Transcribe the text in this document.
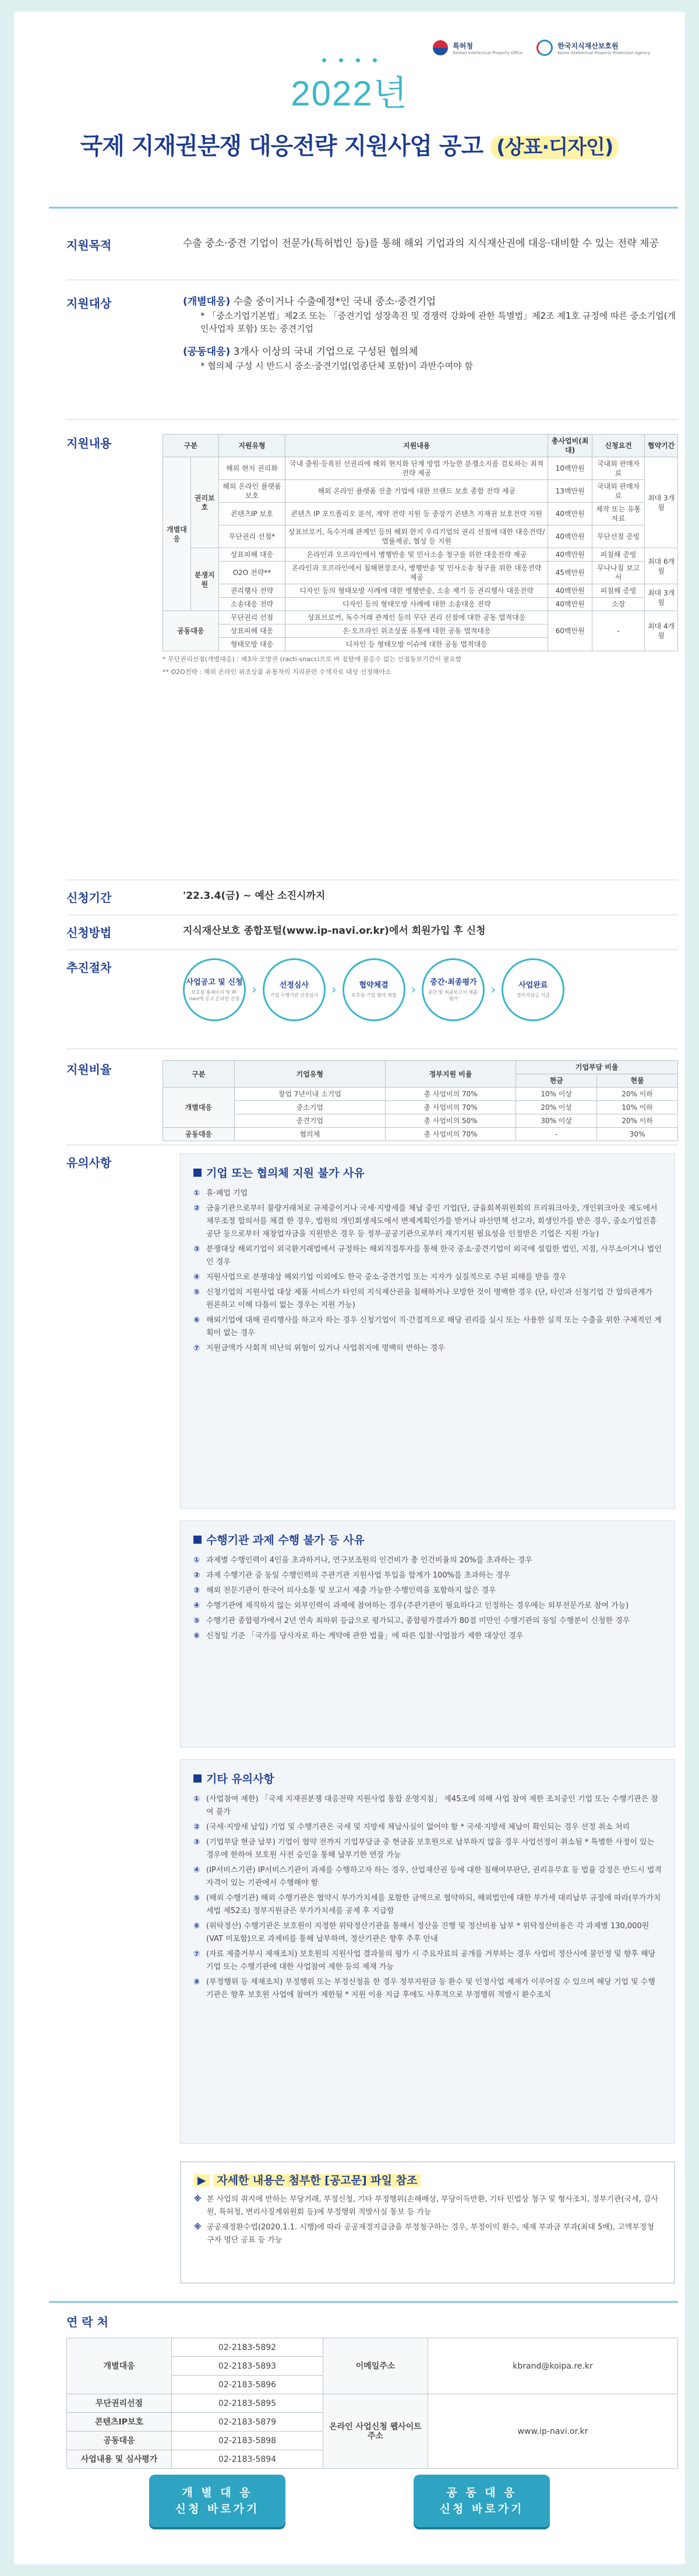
특허청
Korean Intellectual Property Office
한국지식재산보호원
Korea Intellectual Property Protection Agency
2022년
국제 지재권분쟁 대응전략 지원사업 공고 (상표·디자인)
지원목적	수출 중소·중견 기업이 전문가(특허법인 등)를 통해 해외 기업과의 지식재산권에 대응·대비할 수 있는 전략 제공
지원대상	(개별대응) 수출 중이거나 수출예정*인 국내 중소·중견기업

* 「중소기업기본법」제2조 또는 「중견기업 성장촉진 및 경쟁력 강화에 관한 특별법」제2조 제1호 규정에 따른 중소기업(개인사업자 포함) 또는 중견기업

(공동대응) 3개사 이상의 국내 기업으로 구성된 협의체

* 협의체 구성 시 반드시 중소·중견기업(업종단체 포함)이 과반수여야 함

지원내용	구분		지원유형	지원내용	총사업비(최대)	신청요건	협약기간
개별대응	권리보호	해외 현지 권리화	국내 출원·등록된 선권리에 해외 현지화 단계 방법 가능한 분쟁소지를 검토하는 최적전략 제공	10백만원	국내외 판매자료	최대 3개월
		해외 온라인 플랫폼 보호	해외 온라인 플랫폼 진출 기업에 대한 브랜드 보호 종합 전략 제공	13백만원	국내외 판매자료	
		콘텐츠IP 보호	콘텐츠 IP 포트폴리오 분석, 계약 전략 지원 등 중장기 콘텐츠 지재권 보호전략 지원	40백만원	제작 또는 유통자료	
		무단권리 선점*	상표브로커, 독수거래 관계인 등의 해외 한지 우리기업의 권리 선점에 대한 대응전략/법률제공, 협상 등 지원	40백만원	무단선점 증빙	
	분쟁지원	상표피해 대응	온라인과 오프라인에서 병행반송 및 민사소송 청구를 위한 대응전략 제공	40백만원	피침해 증빙	최대 6개월
		O2O 전략**	온라인과 오프라인에서 침해현장조사, 병행반송 및 민사소송 청구를 위한 대응전략 제공	45백만원	무나나침 보고서	
		권리행사 전략	디자인 등의 형태모방 사례에 대한 병행반송, 소송 제기 등 권리행사 대응전략	40백만원	피침해 증빙	최대 3개월
		소송대응 전략	디자인 등의 형태모방 사례에 대한 소송대응 전략	40백만원	소장	
공동대응		무단권리 선점	상표브로커, 독수거래 관계인 등의 무단 권리 선점에 대한 공동 법적대응	60백만원	-	최대 4개월
		상표피해 대응	온·오프라인 위조상품 유통에 대한 공동 법적대응			
		형태모방 대응	디자인 등 형태모방 이슈에 대한 공동 법적대응			
* 무단권리선점(개별대응) : 제3자 모방권 (racti-snacci으로 바 침탈에 불응수 없는 선점동보기간이 필요함
** O2O전략 : 해외 온라인 위조상품 유통자의 지리관련 수색자료 대상 선정해야소
신청기간	'22.3.4(금) ~ 예산 소진시까지
신청방법	지식재산보호 종합포털(www.ip-navi.or.kr)에서 회원가입 후 신청
추진절차
사업공고 및 신청
보호원 홈페이지 및 IP-navi에 공고 온라인 신청
›	선정심사
기업 수행기관 선정심사 ›	협약체결
보호원·기업 협약 체결 ›
중간·최종평가
중간 및 최종보고서 제출·평가
›	사업완료
정부지원금 지급
지원비율	구분	기업유형	정부지원 비율	기업부담 비율	
			현금	현물
개별대응	창업 7년이내 소기업	총 사업비의 70%	10% 이상	20% 이하
	중소기업	총 사업비의 70%	20% 이상	10% 이하
	중견기업	총 사업비의 50%	30% 이상	20% 이하
공동대응	협의체	총 사업비의 70%	-	30%
유의사항
기업 또는 협의체 지원 불가 사유
① 휴·폐업 기업
② 금융기관으로부터 불량거래처로 규제중이거나 국세·지방세를 체납 중인 기업(단, 금융회복위원회의 프리워크아웃, 개인워크아웃 제도에서 채무조정 합의서를 체결 한 경우, 법원의 개인회생제도에서 변제계획인가를 받거나 파산면책 선고자, 회생인가를 받은 경우, 중소기업진흥공단 등으로부터 재창업자금을 지원받은 경우 등 정부·공공기관으로부터 재기지원 필요성을 인정받은 기업은 지원 가능)
③ 분쟁대상 해외기업이 외국환거래법에서 규정하는 해외직접투자를 통해 한국 중소·중견기업이 외국에 설립한 법인, 지점, 사무소이거나 법인인 경우
④ 지원사업으로 분쟁대상 해외기업 이외에도 한국 중소·중견기업 또는 지자가 실질적으로 주된 피해를 받을 경우
⑤ 신청기업의 지원사업 대상 제품 서비스가 타인의 지식재산권을 침해하거나 모방한 것이 명백한 경우 (단, 타인과 신청기업 간 합의관계가 원론하고 이해 다툼이 없는 경우는 지원 가능)
⑥ 해외기업에 대해 권리행사를 하고자 하는 경우 신청기업이 직·간접적으로 해당 권리를 실시 또는 사용한 실적 또는 수출을 위한 구체적인 계획이 없는 경우
⑦ 지원금액가 사회적 비난의 위험이 있거나 사업취지에 명백히 반하는 경우
수행기관 과제 수행 불가 등 사유
① 과제별 수행인력이 4인을 초과하거나, 연구보조원의 인건비가 총 인건비율의 20%를 초과하는 경우
② 과제 수행기관 중 동일 수행인력의 주관기관 지원사업 투입을 합계가 100%를 초과하는 경우
③ 해외 전문기관이 한국어 의사소통 및 보고서 제출 가능한 수행인력을 포함하지 않은 경우
④ 수행기관에 재직하지 않는 외부인력이 과제에 참여하는 경우(주관기관이 필요하다고 인정하는 경우에는 외부전문가로 참여 가능)
⑤ 수행기관 종합평가에서 2년 연속 최하위 등급으로 평가되고, 종합평가결과가 80점 미만인 수행기관의 동일 수행분이 신청한 경우
⑥ 신청일 기준 「국가를 당사자로 하는 계약에 관한 법률」에 따른 입찰·사업참가 제한 대상인 경우
기타 유의사항
① (사업참여 제한) 「국제 지재권분쟁 대응전략 지원사업 통합 운영지침」 제45조에 의해 사업 참여 제한 조치중인 기업 또는 수행기관은 참여 불가
② (국세·지방세 납입) 기업 및 수행기관은 국세 및 지방세 체납사실이 없어야 함 * 국세·지방세 체납이 확인되는 경우 선정 취소 처리
③ (기업부담 현금 납부) 기업이 협약 전까지 기업부담금 중 현금을 보호원으로 납부하지 않을 경우 사업선정이 취소됨 * 특별한 사정이 있는 경우에 한하여 보호원 사전 승인을 통해 납부기한 연장 가능
④ (IP서비스기관) IP서비스기관이 과제를 수행하고자 하는 경우, 산업재산권 등에 대한 침해여부판단, 권리유무효 등 법률 감정은 반드시 법적 자격이 있는 기관에서 수행해야 함
⑤ (해외 수행기관) 해외 수행기관은 협약시 부가가치세를 포함한 금액으로 협약하되, 해외법인에 대한 부가세 대리납부 규정에 따라(부가가치세법 제52조) 정부지원금은 부가가치세를 공제 후 지급함
⑥ (위탁정산) 수행기관은 보호원이 지정한 위탁정산기관을 통해서 정산을 진행 및 정산비용 납부 * 위탁정산비용은 각 과제별 130,000원(VAT 미포함)으로 과제비를 통해 납부하며, 정산기관은 향후 추후 안내
⑦ (자료 제출거부시 제재조치) 보호원의 지원사업 결과물의 평가 시 주요자료의 공개를 거부하는 경우 사업비 정산시에 불인정 및 향후 해당 기업 또는 수행기관에 대한 사업참여 제한 등의 제재 가능
⑧ (부정행위 등 제재조치) 부정행위 또는 부정신청을 한 경우 정부지원금 등 환수 및 인정사업 제재가 이루어질 수 있으며 해당 기업 및 수행기관은 향후 보호원 사업에 참여가 제한됨 * 지원 이용 지급 후에도 사후적으로 부정행위 적발시 환수조치
▶ 자세한 내용은 첨부한 [공고문] 파일 참조
※ 본 사업의 취지에 반하는 부당거래, 부정신청, 기타 부정행위(손해배상, 부당이득반환, 기타 민법상 청구 및 형사조치, 정부기관(국세, 감사원, 특허청, 변리사징계위원회 등)에 부정행위 적발사실 통보 등 가능
※ 공공재정환수법(2020.1.1. 시행)에 따라 공공재정지급금을 부정청구하는 경우, 부정이익 환수, 제재 부과금 부과(최대 5배), 고액부정청구자 명단 공표 등 가능
연 락 처
개별대응	02-2183-5892	이메일주소	kbrand@koipa.re.kr
	02-2183-5893		
	02-2183-5896		
무단권리선점	02-2183-5895	온라인 사업신청 웹사이트주소	www.ip-navi.or.kr
콘텐츠IP보호	02-2183-5879		
공동대응	02-2183-5898		
사업내용 및 심사평가	02-2183-5894		
개 별 대 응
신청 바로가기
공 동 대 응
신청 바로가기
